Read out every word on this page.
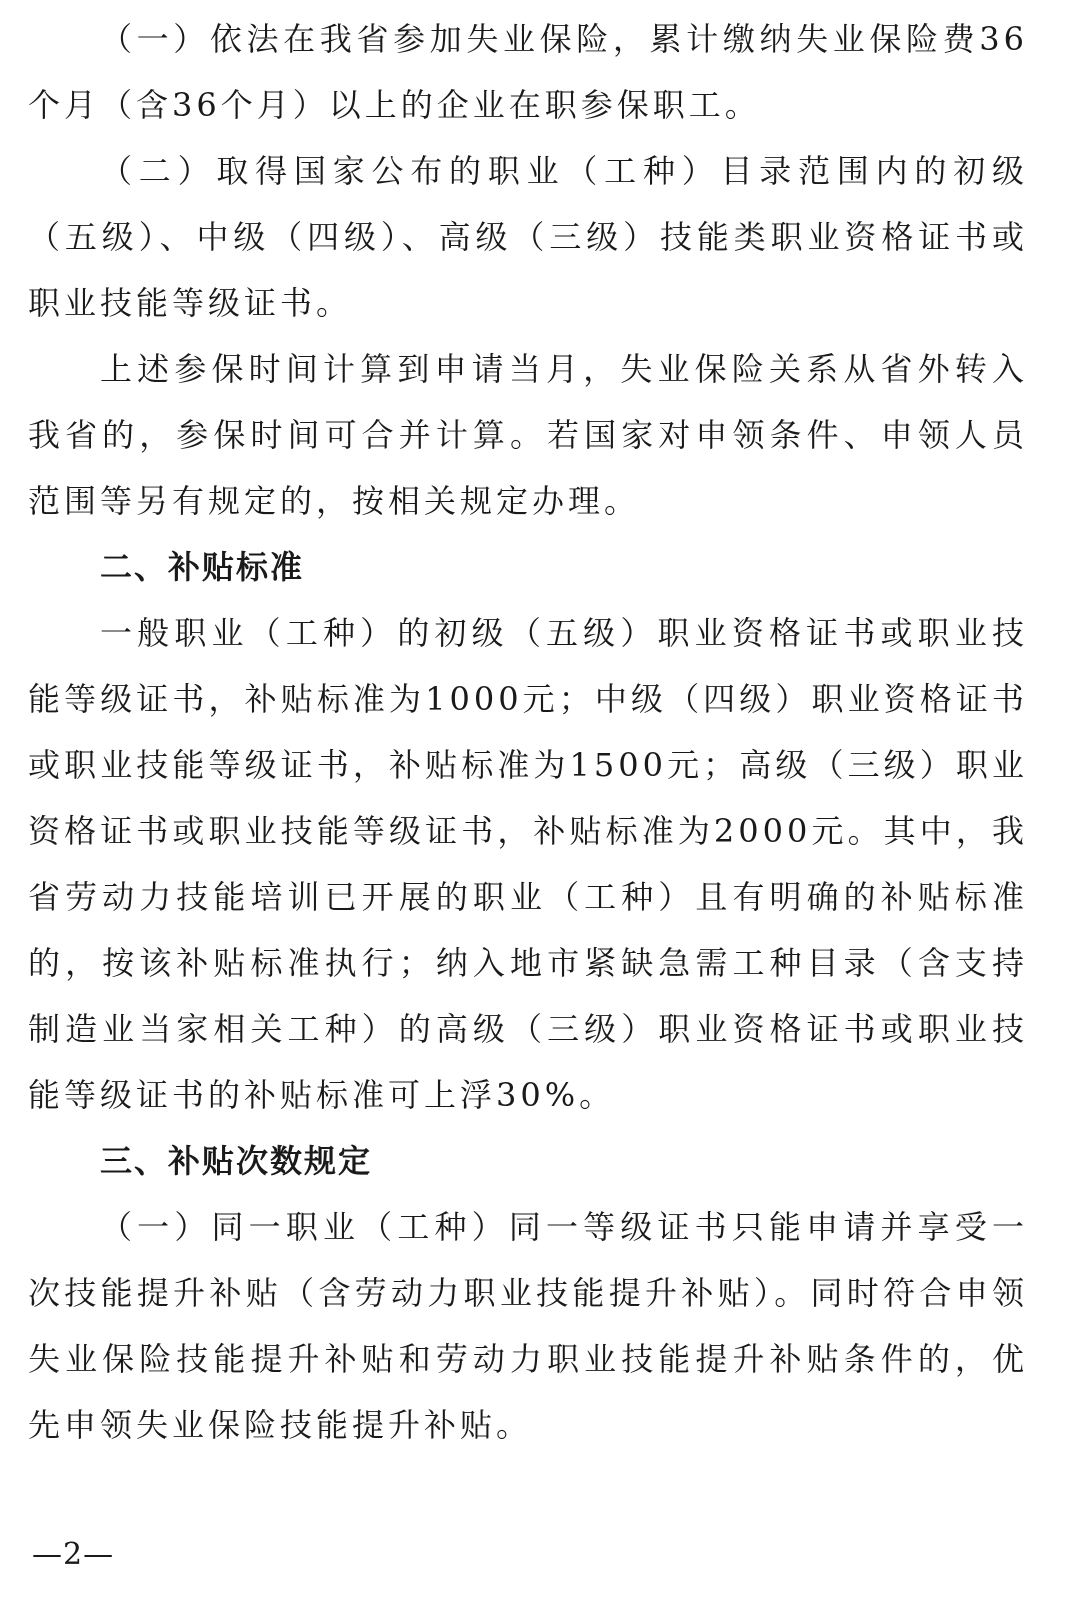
（一）依法在我省参加失业保险，累计缴纳失业保险费36个月（含36个月）以上的企业在职参保职工。

（二）取得国家公布的职业（工种）目录范围内的初级（五级）、中级（四级）、高级（三级）技能类职业资格证书或职业技能等级证书。

上述参保时间计算到申请当月，失业保险关系从省外转入我省的，参保时间可合并计算。若国家对申领条件、申领人员范围等另有规定的，按相关规定办理。

二、补贴标准

一般职业（工种）的初级（五级）职业资格证书或职业技能等级证书，补贴标准为1000元；中级（四级）职业资格证书或职业技能等级证书，补贴标准为1500元；高级（三级）职业资格证书或职业技能等级证书，补贴标准为2000元。其中，我省劳动力技能培训已开展的职业（工种）且有明确的补贴标准的，按该补贴标准执行；纳入地市紧缺急需工种目录（含支持制造业当家相关工种）的高级（三级）职业资格证书或职业技能等级证书的补贴标准可上浮30%。

三、补贴次数规定

（一）同一职业（工种）同一等级证书只能申请并享受一次技能提升补贴（含劳动力职业技能提升补贴）。同时符合申领失业保险技能提升补贴和劳动力职业技能提升补贴条件的，优先申领失业保险技能提升补贴。

—2—
